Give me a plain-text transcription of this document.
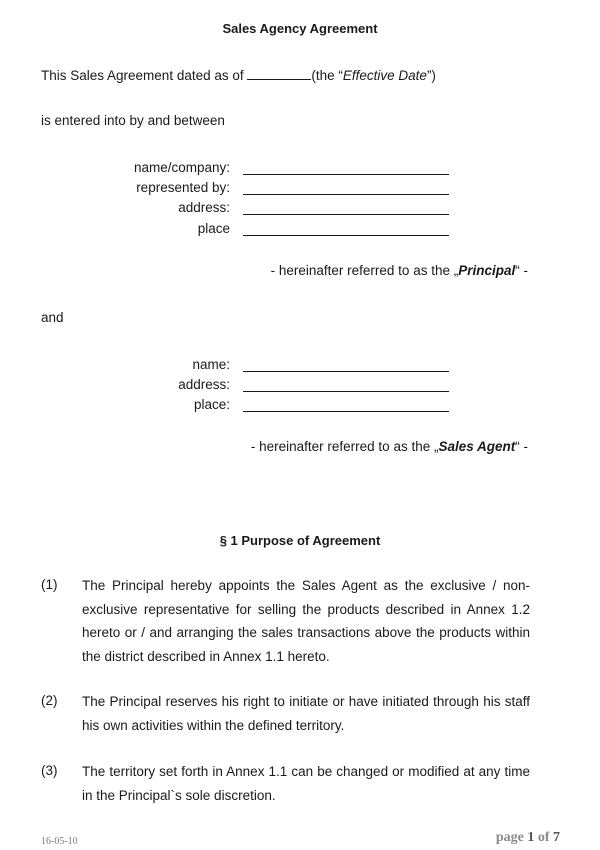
Sales Agency Agreement
This Sales Agreement dated as of	(the “Effective Date”)
is entered into by and between
name/company:
represented by:
address:
place
- hereinafter referred to as the „Principal“ -
and
name:
address:
place:
- hereinafter referred to as the „Sales Agent“ -
§ 1 Purpose of Agreement
(1) The Principal hereby appoints the Sales Agent as the exclusive / non-exclusive representative for selling the products described in Annex 1.2 hereto or / and arranging the sales transactions above the products within the district described in Annex 1.1 hereto.
(2) The Principal reserves his right to initiate or have initiated through his staff his own activities within the defined territory.
(3) The territory set forth in Annex 1.1 can be changed or modified at any time in the Principal`s sole discretion.
16-05-10	page 1 of 7
